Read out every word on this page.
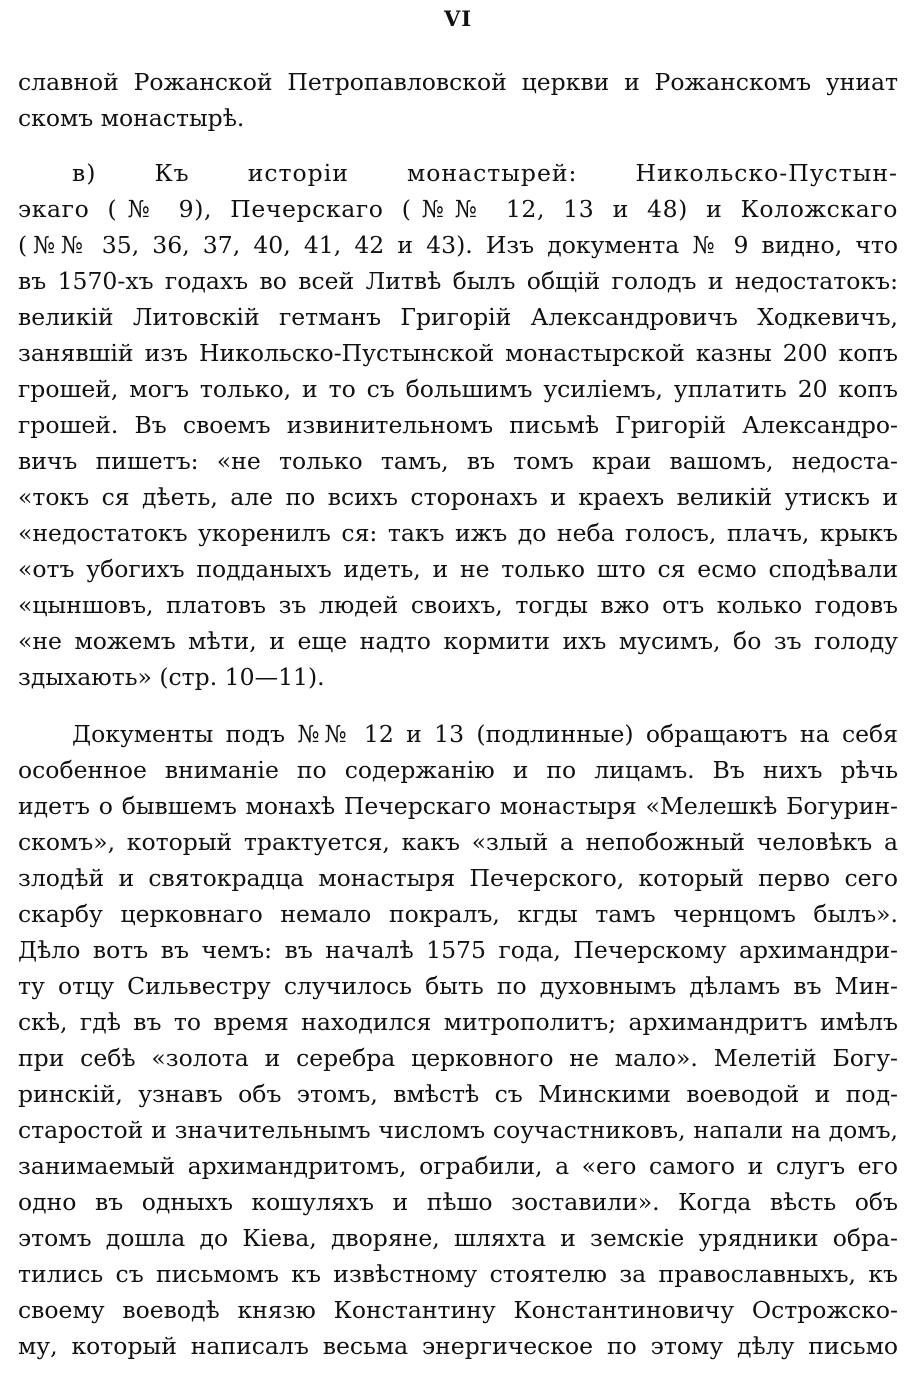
VI
славной Рожанской Петропавловской церкви и Рожанскомъ униат
скомъ монастырѣ.
в) Къ исторіи монастырей: Никольско-Пустын-
экаго (№ 9), Печерскаго (№№ 12, 13 и 48) и Коложскаго
(№№ 35, 36, 37, 40, 41, 42 и 43). Изъ документа № 9 видно, что
въ 1570-хъ годахъ во всей Литвѣ былъ общій голодъ и недостатокъ:
великій Литовскій гетманъ Григорій Александровичъ Ходкевичъ,
занявшій изъ Никольско-Пустынской монастырской казны 200 копъ
грошей, могъ только, и то съ большимъ усиліемъ, уплатить 20 копъ
грошей. Въ своемъ извинительномъ письмѣ Григорій Александро-
вичъ пишетъ: «не только тамъ, въ томъ краи вашомъ, недоста-
«токъ ся дѣеть, але по всихъ сторонахъ и краехъ великій утискъ и
«недостатокъ укоренилъ ся: такъ ижъ до неба голосъ, плачъ, крыкъ
«отъ убогихъ подданыхъ идеть, и не только што ся есмо сподѣвали
«цыншовъ, платовъ зъ людей своихъ, тогды вжо отъ колько годовъ
«не можемъ мѣти, и еще надто кормити ихъ мусимъ, бо зъ голоду
здыхають» (стр. 10—11).
Документы подъ №№ 12 и 13 (подлинные) обращаютъ на себя
особенное вниманіе по содержанію и по лицамъ. Въ нихъ рѣчь
идетъ о бывшемъ монахѣ Печерскаго монастыря «Мелешкѣ Богурин-
скомъ», который трактуется, какъ «злый а непобожный человѣкъ а
злодѣй и святокрадца монастыря Печерского, который перво сего
скарбу церковнаго немало покралъ, кгды тамъ чернцомъ былъ».
Дѣло вотъ въ чемъ: въ началѣ 1575 года, Печерскому архимандри-
ту отцу Сильвестру случилось быть по духовнымъ дѣламъ въ Мин-
скѣ, гдѣ въ то время находился митрополитъ; архимандритъ имѣлъ
при себѣ «золота и серебра церковного не мало». Мелетій Богу-
ринскій, узнавъ объ этомъ, вмѣстѣ съ Минскими воеводой и под-
старостой и значительнымъ числомъ соучастниковъ, напали на домъ,
занимаемый архимандритомъ, ограбили, а «его самого и слугъ его
одно въ одныхъ кошуляхъ и пѣшо зоставили». Когда вѣсть объ
этомъ дошла до Кіева, дворяне, шляхта и земскіе урядники обра-
тились съ письмомъ къ извѣстному стоятелю за православныхъ, къ
своему воеводѣ князю Константину Константиновичу Острожско-
му, который написалъ весьма энергическое по этому дѣлу письмо
